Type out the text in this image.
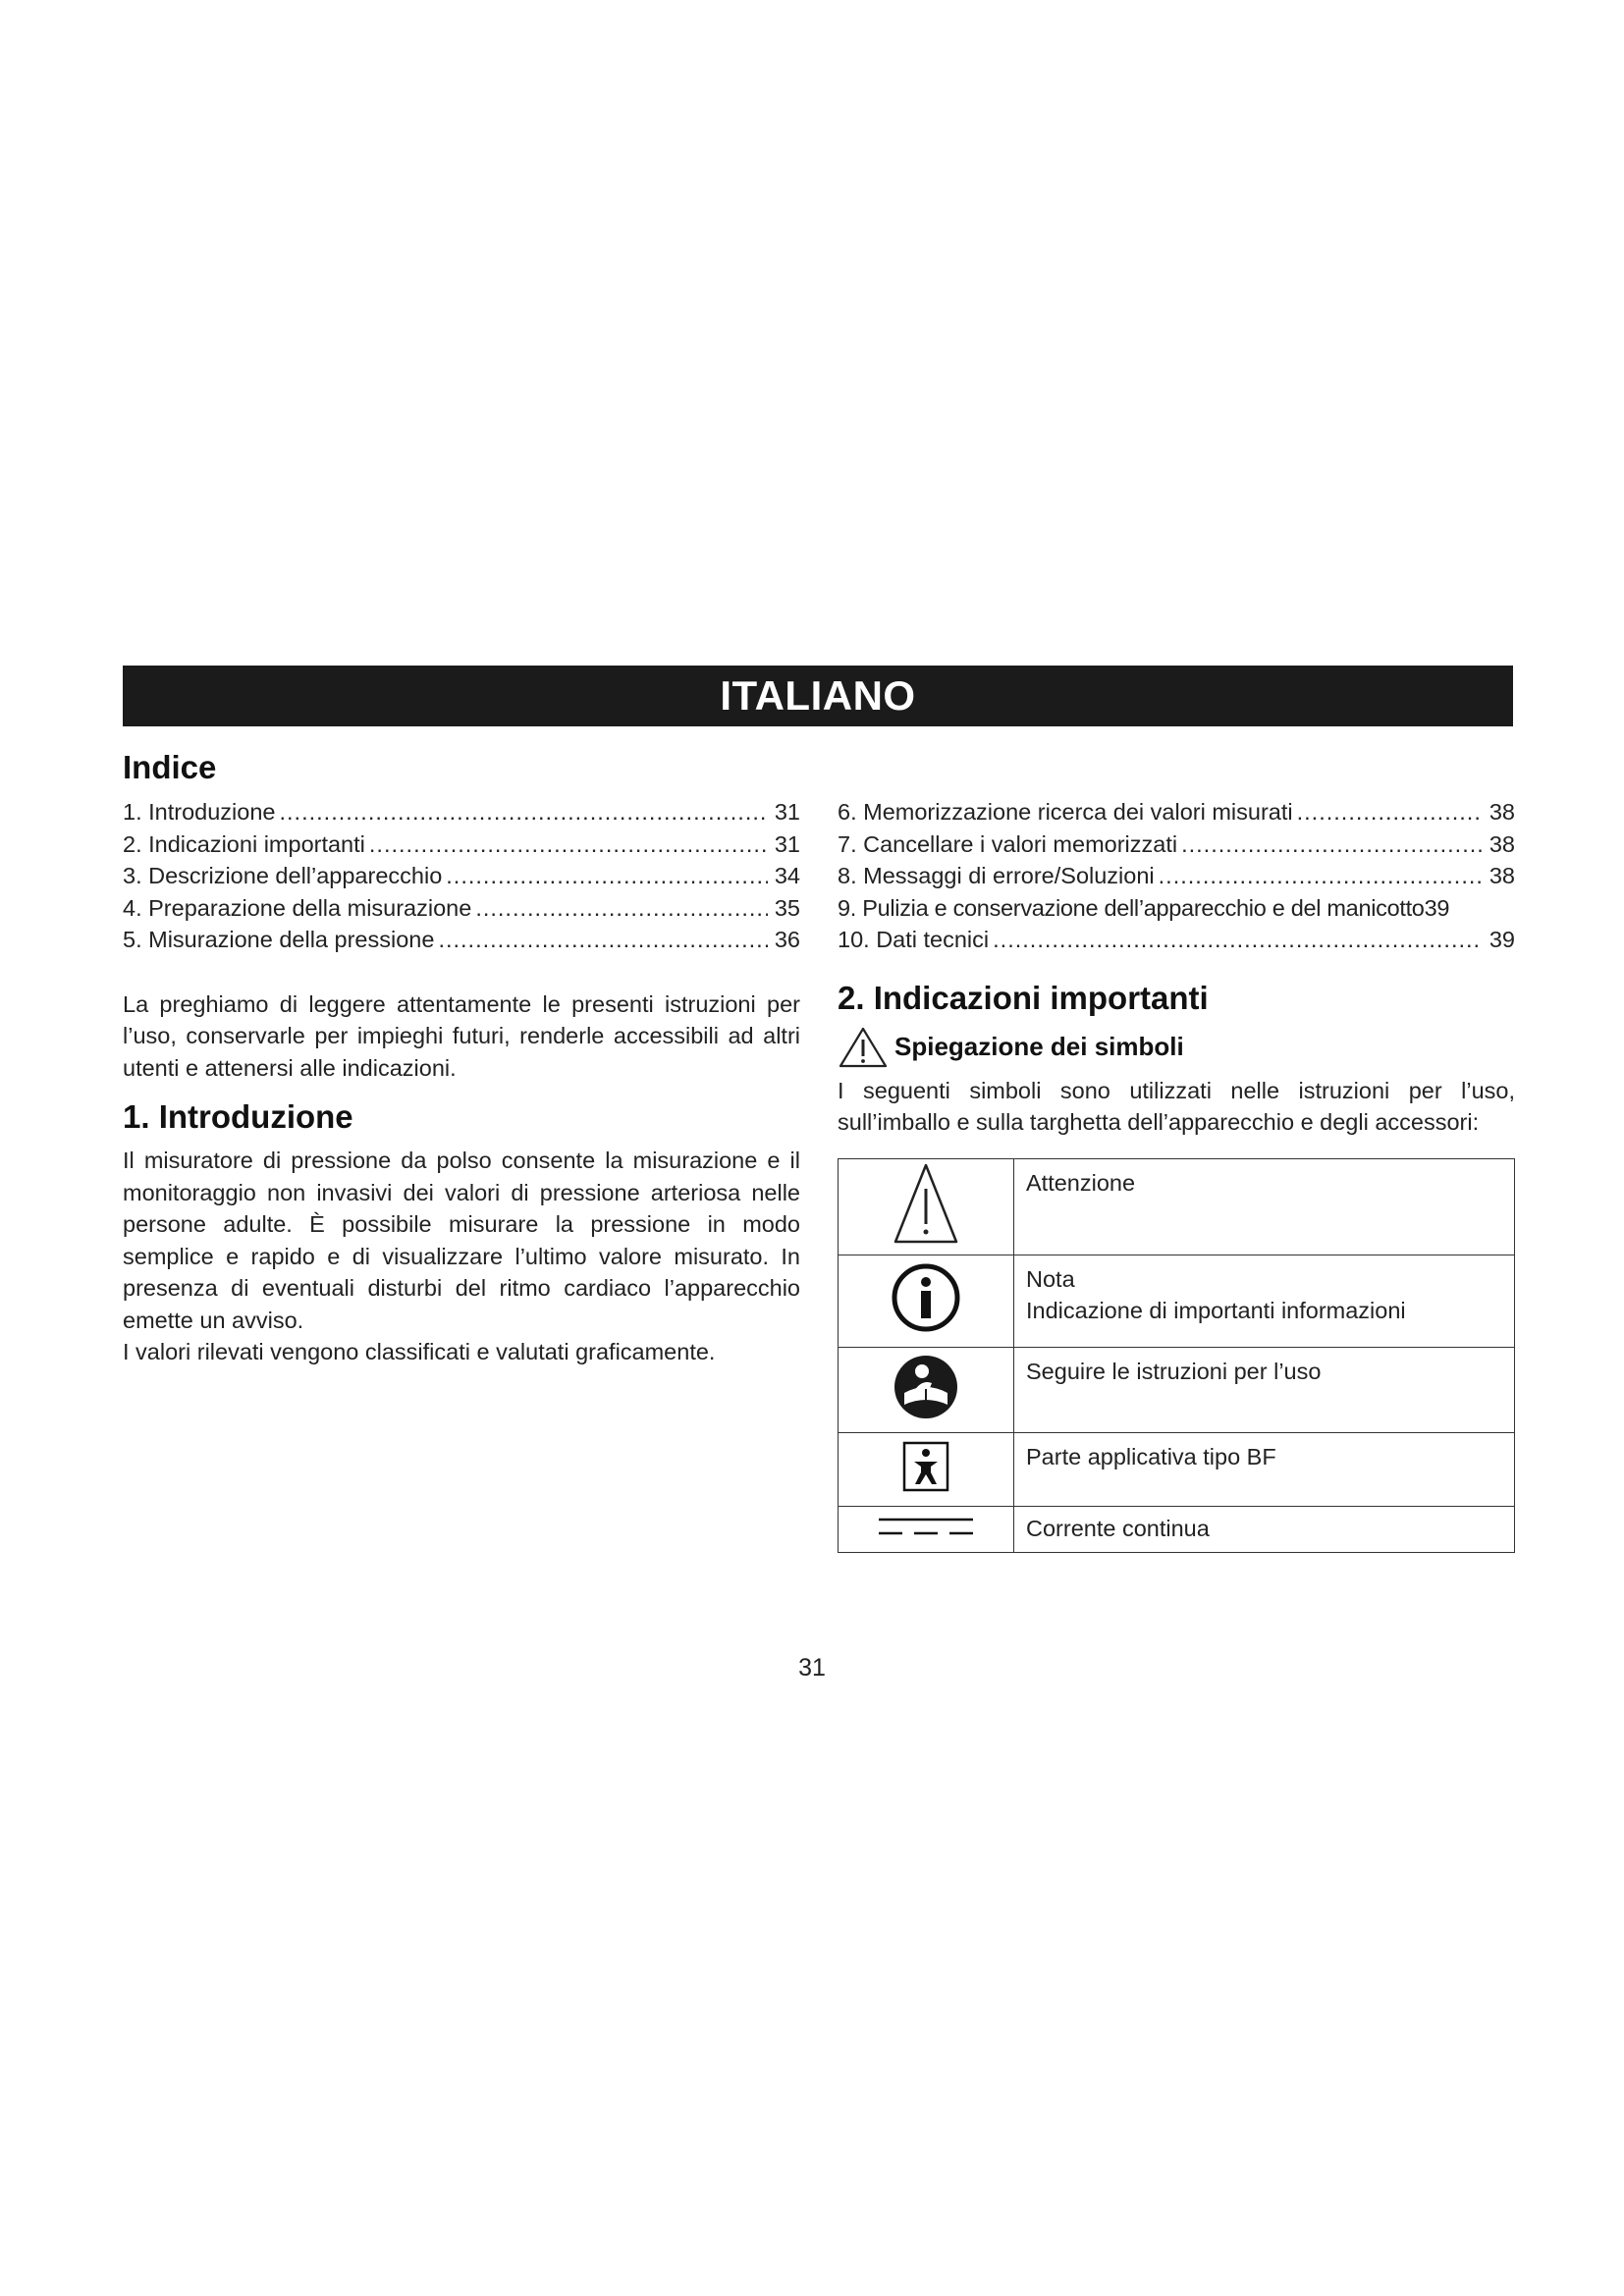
ITALIANO
Indice
1. Introduzione .....	31
2. Indicazioni importanti .....	31
3. Descrizione dell’apparecchio .....	34
4. Preparazione della misurazione .....	35
5. Misurazione della pressione .....	36

La preghiamo di leggere attentamente le presenti istruzioni per l’uso, conservarle per impieghi futuri, renderle accessibili ad altri utenti e attenersi alle indicazioni.

1. Introduzione

Il misuratore di pressione da polso consente la misurazione e il monitoraggio non invasivi dei valori di pressione arteriosa nelle persone adulte. È possibile misurare la pressione in modo semplice e rapido e di visualizzare l’ultimo valore misurato. In presenza di eventuali disturbi del ritmo cardiaco l’apparecchio emette un avviso.

I valori rilevati vengono classificati e valutati graficamente.

6. Memorizzazione ricerca dei valori misurati .....	38
7. Cancellare i valori memorizzati .....	38
8. Messaggi di errore/Soluzioni .....	38
9. Pulizia e conservazione dell’apparecchio e del manicotto 39
10. Dati tecnici .....	39
2. Indicazioni importanti
Spiegazione dei simboli

I seguenti simboli sono utilizzati nelle istruzioni per l’uso, sull’imballo e sulla targhetta dell’apparecchio e degli accessori:

Attenzione

Nota
Indicazione di importanti informazioni

Seguire le istruzioni per l’uso

Parte applicativa tipo BF

Corrente continua
31
